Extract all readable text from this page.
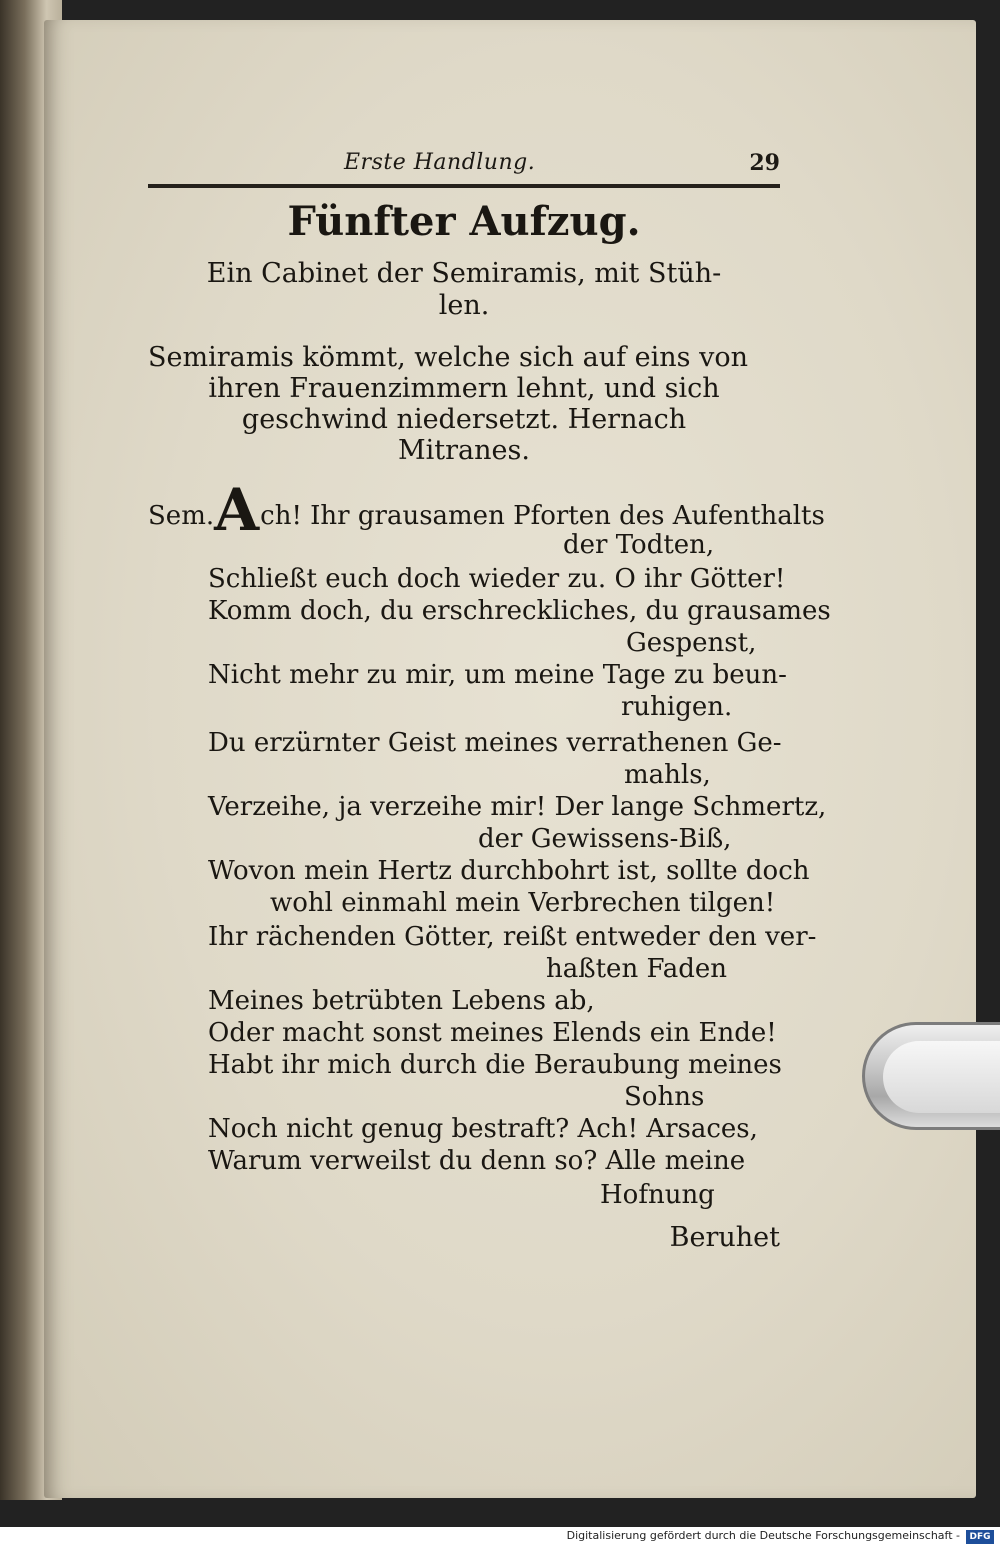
Erste Handlung.	29
Fünfter Aufzug.
Ein Cabinet der Semiramis, mit Stüh-
len.
Semiramis kömmt, welche sich auf eins von
ihren Frauenzimmern lehnt, und sich
geschwind niedersetzt. Hernach
Mitranes.
Sem.Ach! Ihr grausamen Pforten des Aufenthalts
der Todten,
Schließt euch doch wieder zu. O ihr Götter!
Komm doch, du erschreckliches, du grausames
Gespenst,
Nicht mehr zu mir, um meine Tage zu beun-
ruhigen.
Du erzürnter Geist meines verrathenen Ge-
mahls,
Verzeihe, ja verzeihe mir! Der lange Schmertz,
der Gewissens-Biß,
Wovon mein Hertz durchbohrt ist, sollte doch
wohl einmahl mein Verbrechen tilgen!
Ihr rächenden Götter, reißt entweder den ver-
haßten Faden
Meines betrübten Lebens ab,
Oder macht sonst meines Elends ein Ende!
Habt ihr mich durch die Beraubung meines
Sohns
Noch nicht genug bestraft? Ach! Arsaces,
Warum verweilst du denn so? Alle meine
Hofnung
Beruhet
Digitalisierung gefördert durch die Deutsche Forschungsgemeinschaft -	DFG
